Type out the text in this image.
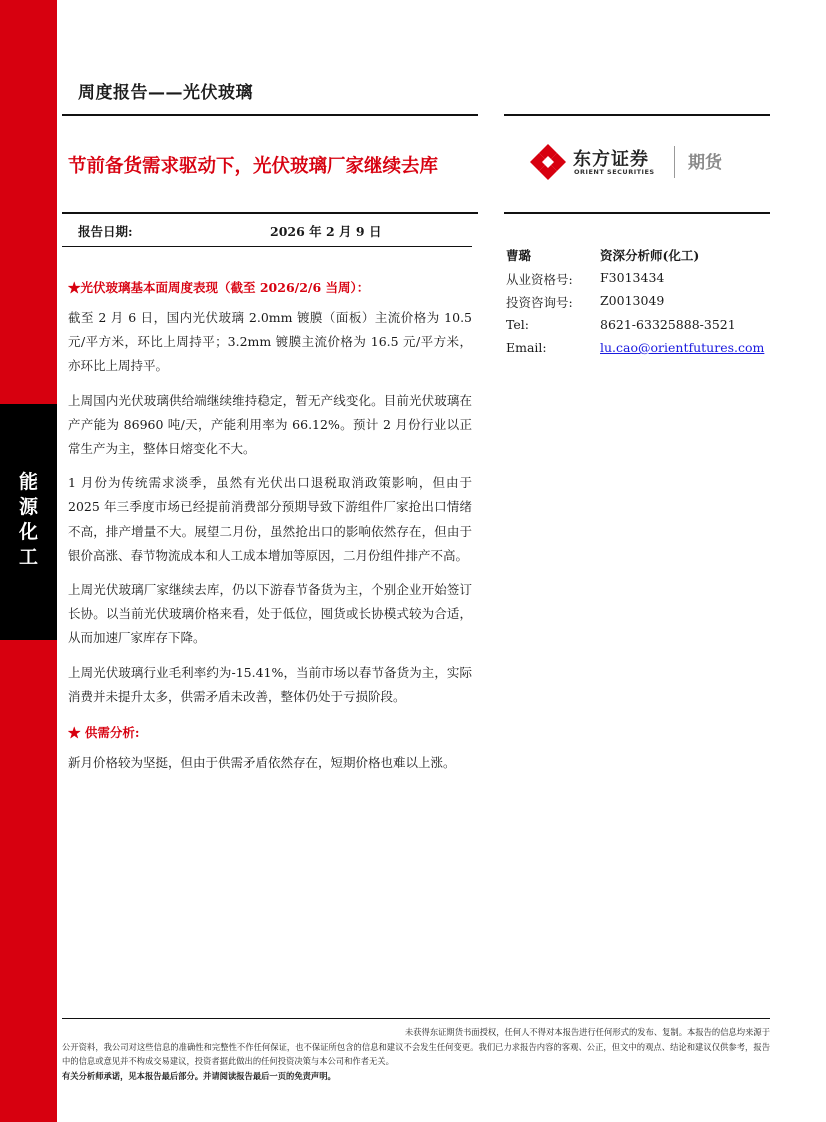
能
源
化
工
周度报告——光伏玻璃
节前备货需求驱动下，光伏玻璃厂家继续去库	东方证券
ORIENT SECURITIES 期货
报告日期:	2026 年 2 月 9 日
曹璐	资深分析师(化工)
从业资格号: F3013434
投资咨询号: Z0013049
Tel:	8621-63325888-3521
Email:	lu.cao@orientfutures.com
★光伏玻璃基本面周度表现（截至 2026/2/6 当周）：

截至 2 月 6 日，国内光伏玻璃 2.0mm 镀膜（面板）主流价格为 10.5 元/平方米，环比上周持平；3.2mm 镀膜主流价格为 16.5 元/平方米，亦环比上周持平。

上周国内光伏玻璃供给端继续维持稳定，暂无产线变化。目前光伏玻璃在产产能为 86960 吨/天，产能利用率为 66.12%。预计 2 月份行业以正常生产为主，整体日熔变化不大。

1 月份为传统需求淡季，虽然有光伏出口退税取消政策影响，但由于 2025 年三季度市场已经提前消费部分预期导致下游组件厂家抢出口情绪不高，排产增量不大。展望二月份，虽然抢出口的影响依然存在，但由于银价高涨、春节物流成本和人工成本增加等原因，二月份组件排产不高。

上周光伏玻璃厂家继续去库，仍以下游春节备货为主，个别企业开始签订长协。以当前光伏玻璃价格来看，处于低位，囤货或长协模式较为合适，从而加速厂家库存下降。

上周光伏玻璃行业毛利率约为-15.41%，当前市场以春节备货为主，实际消费并未提升太多，供需矛盾未改善，整体仍处于亏损阶段。

★ 供需分析:

新月价格较为坚挺，但由于供需矛盾依然存在，短期价格也难以上涨。

未获得东证期货书面授权，任何人不得对本报告进行任何形式的发布、复制。本报告的信息均来源于
公开资料，我公司对这些信息的准确性和完整性不作任何保证，也不保证所包含的信息和建议不会发生任何变更。我们已力求报告内容的客观、公正，但文中的观点、结论和建议仅供参考，报告中的信息或意见并不构成交易建议，投资者据此做出的任何投资决策与本公司和作者无关。
有关分析师承诺，见本报告最后部分。并请阅读报告最后一页的免责声明。
